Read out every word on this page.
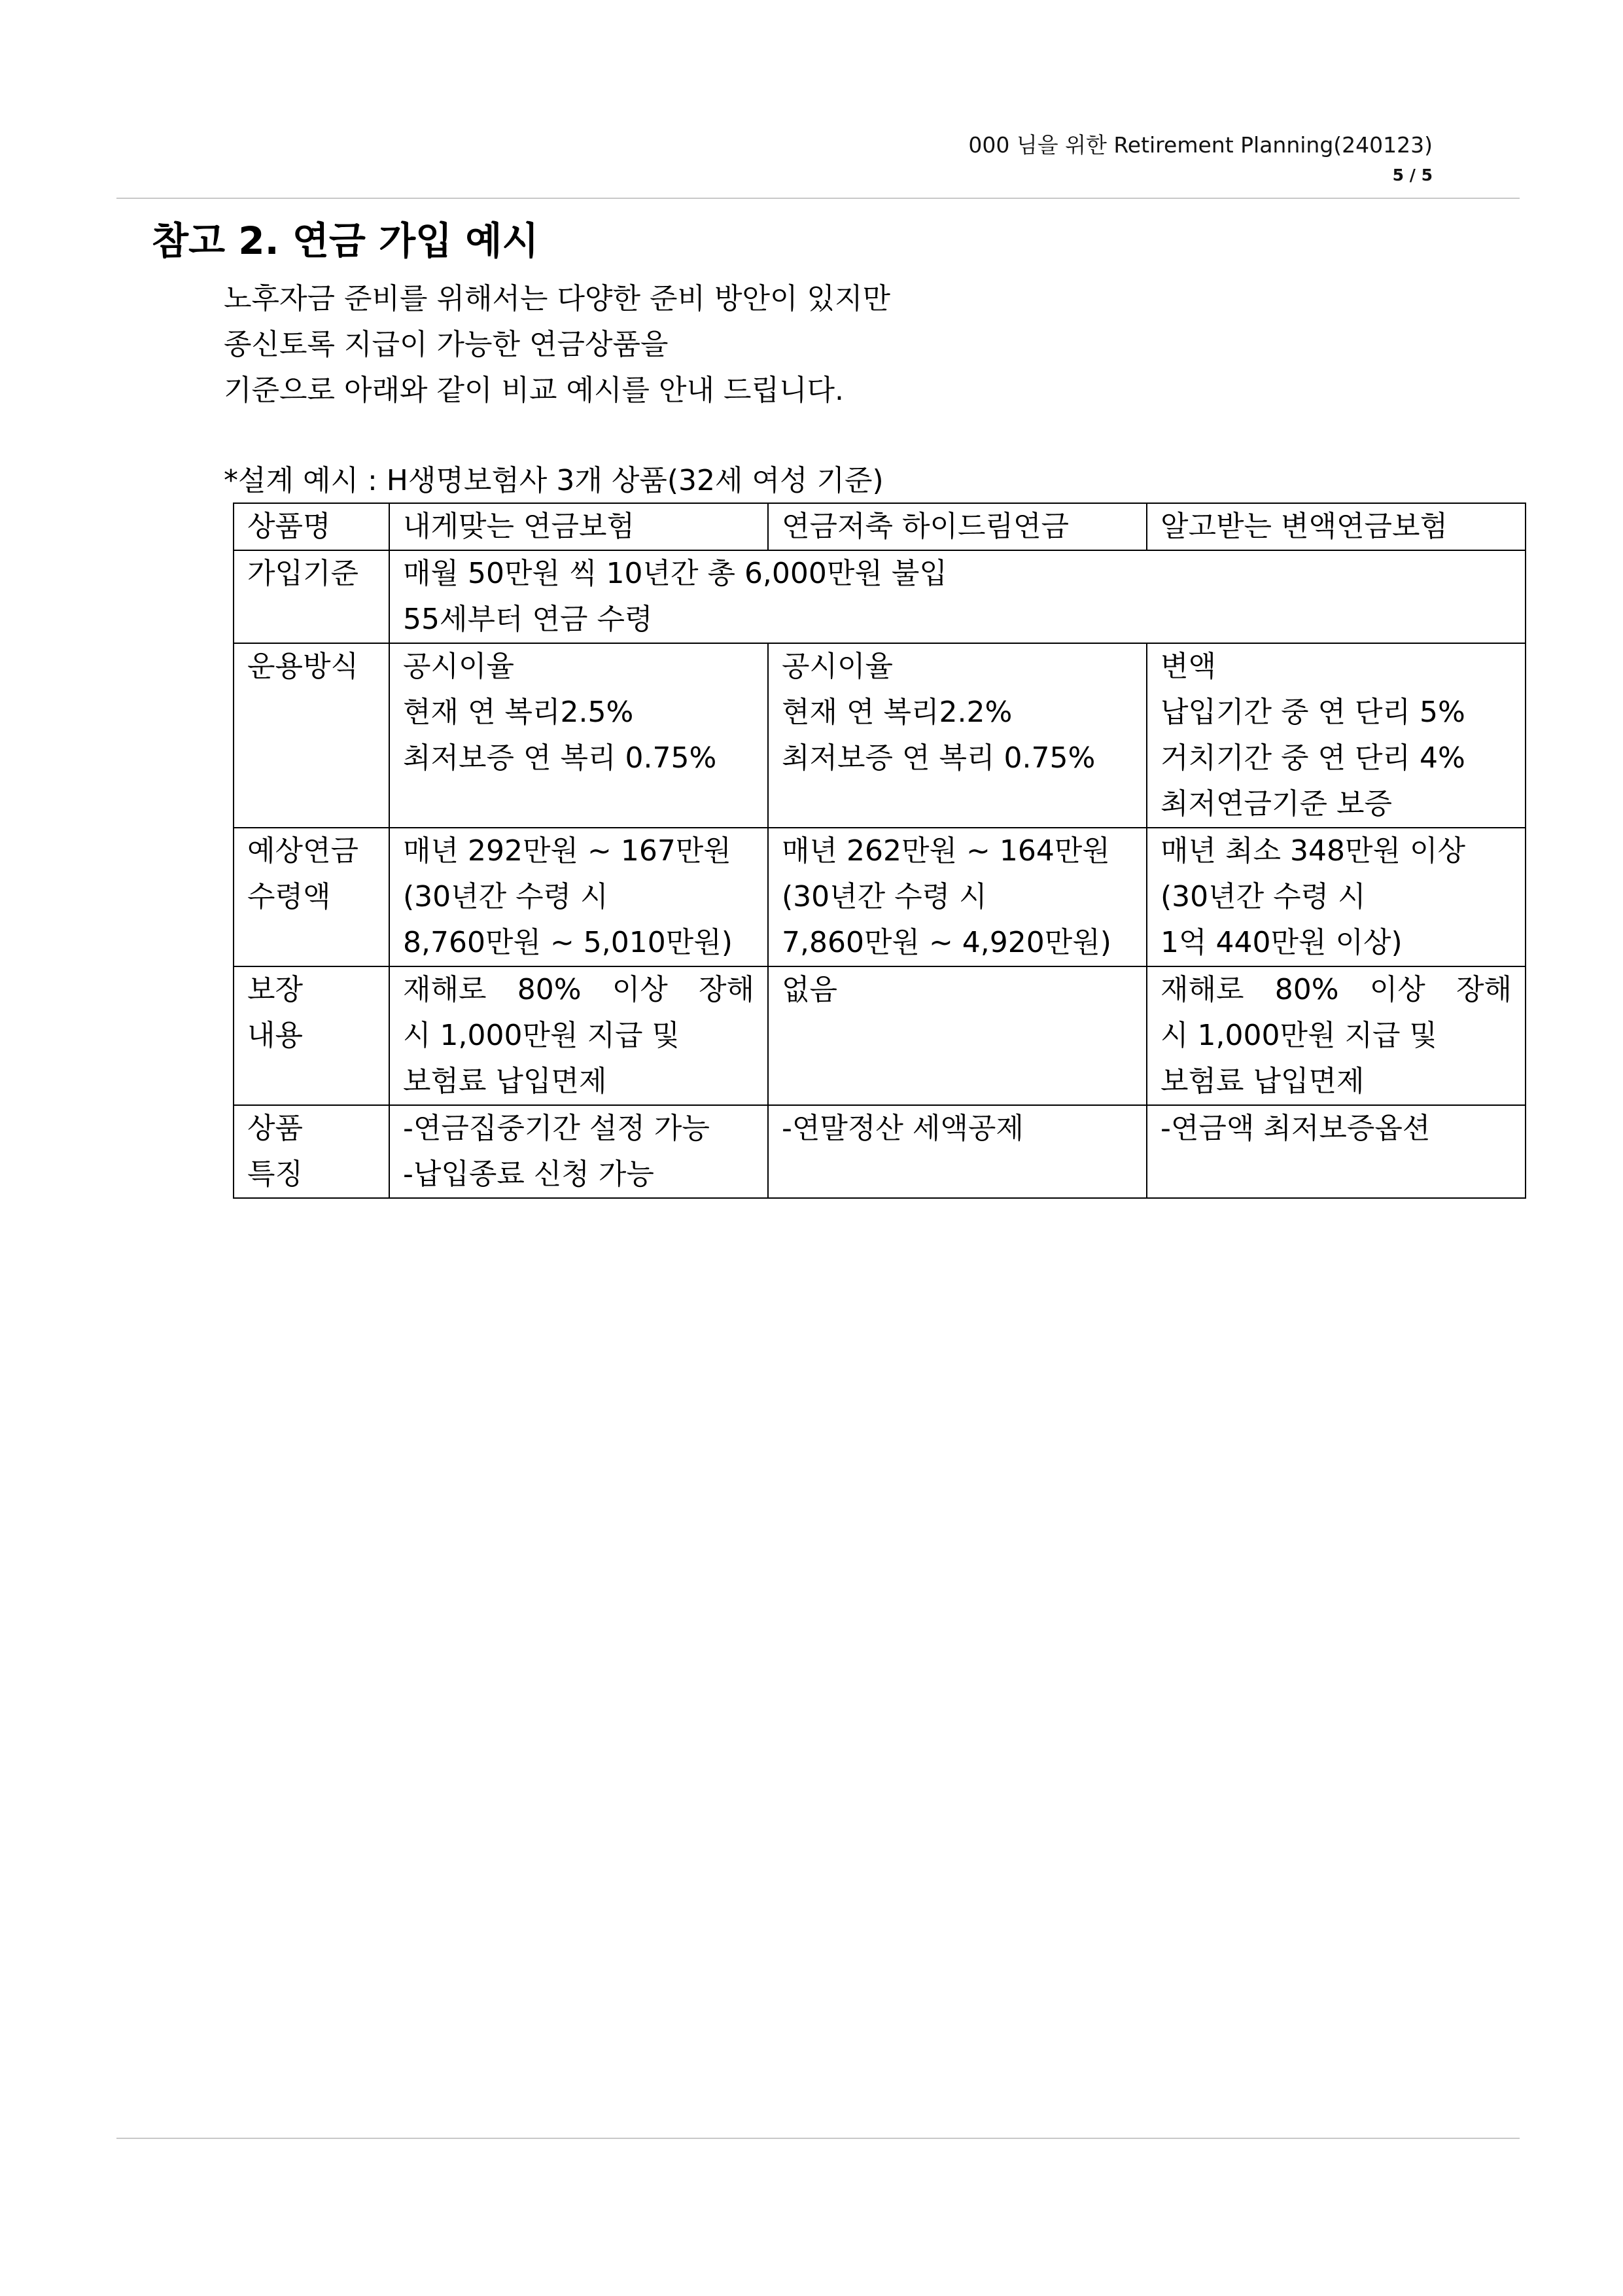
000 님을 위한 Retirement Planning(240123)
5 / 5
참고 2. 연금 가입 예시

노후자금 준비를 위해서는 다양한 준비 방안이 있지만

종신토록 지급이 가능한 연금상품을

기준으로 아래와 같이 비교 예시를 안내 드립니다.

*설계 예시 : H생명보험사 3개 상품(32세 여성 기준)
상품명	내게맞는 연금보험	연금저축 하이드림연금	알고받는 변액연금보험

가입기준	매월 50만원 씩 10년간 총 6,000만원 불입
55세부터 연금 수령		

운용방식	공시이율
현재 연 복리2.5%
최저보증 연 복리 0.75%	공시이율
현재 연 복리2.2%
최저보증 연 복리 0.75%	변액
납입기간 중 연 단리 5%
거치기간 중 연 단리 4%
최저연금기준 보증

예상연금
수령액	매년 292만원 ~ 167만원
(30년간 수령 시
8,760만원 ~ 5,010만원)	매년 262만원 ~ 164만원
(30년간 수령 시
7,860만원 ~ 4,920만원)	매년 최소 348만원 이상
(30년간 수령 시
1억 440만원 이상)

보장
내용	재해로 80% 이상 장해
시 1,000만원 지급 및
보험료 납입면제	없음	재해로 80% 이상 장해
시 1,000만원 지급 및
보험료 납입면제

상품
특징	-연금집중기간 설정 가능
-납입종료 신청 가능	-연말정산 세액공제	-연금액 최저보증옵션
